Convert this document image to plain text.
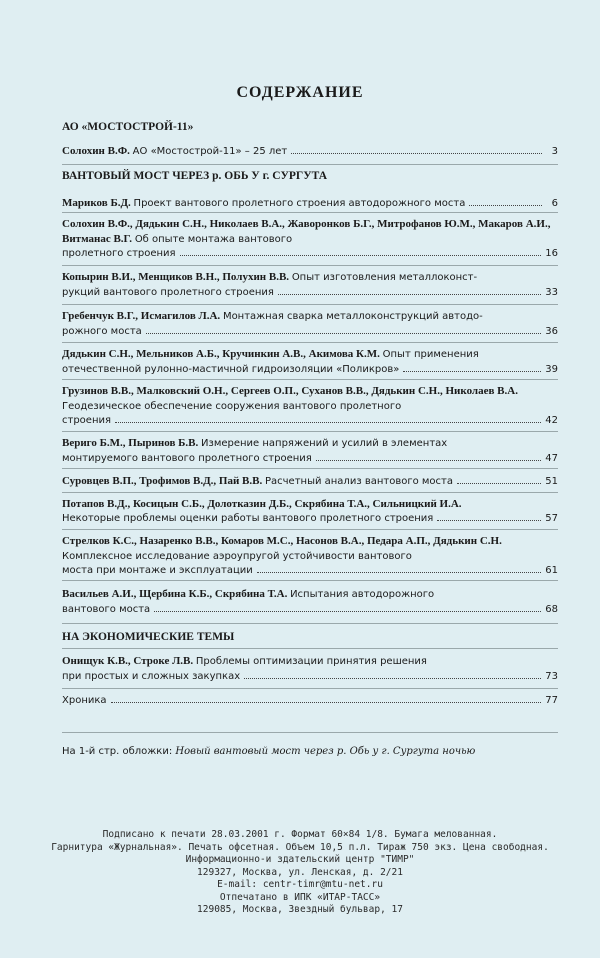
СОДЕРЖАНИЕ
АО «МОСТОСТРОЙ-11»
Солохин В.Ф. АО «Мостострой-11» – 25 лет	3
ВАНТОВЫЙ МОСТ ЧЕРЕЗ р. ОБЬ У г. СУРГУТА
Мариков Б.Д. Проект вантового пролетного строения автодорожного моста	6
Солохин В.Ф., Дядькин С.Н., Николаев В.А., Жаворонков Б.Г., Митрофанов Ю.М., Макаров А.И., Витманас В.Г. Об опыте монтажа вантового
пролетного строения	16
Копырин В.И., Менщиков В.Н., Полухин В.В. Опыт изготовления металлоконст-
рукций вантового пролетного строения	33
Гребенчук В.Г., Исмагилов Л.А. Монтажная сварка металлоконструкций автодо-
рожного моста	36
Дядькин С.Н., Мельников А.Б., Кручинкин А.В., Акимова К.М. Опыт применения
отечественной рулонно-мастичной гидроизоляции «Поликров»	39
Грузинов В.В., Малковский О.Н., Сергеев О.П., Суханов В.В., Дядькин С.Н., Николаев В.А. Геодезическое обеспечение сооружения вантового пролетного
строения	42
Вериго Б.М., Пыринов Б.В. Измерение напряжений и усилий в элементах
монтируемого вантового пролетного строения	47
Суровцев В.П., Трофимов В.Д., Пай В.В. Расчетный анализ вантового моста	51
Потапов В.Д., Косицын С.Б., Долотказин Д.Б., Скрябина Т.А., Сильницкий И.А.
Некоторые проблемы оценки работы вантового пролетного строения	57
Стрелков К.С., Назаренко В.В., Комаров М.С., Насонов В.А., Педара А.П., Дядькин С.Н. Комплексное исследование аэроупругой устойчивости вантового
моста при монтаже и эксплуатации	61
Васильев А.И., Щербина К.Б., Скрябина Т.А. Испытания автодорожного
вантового моста	68
НА ЭКОНОМИЧЕСКИЕ ТЕМЫ
Онищук К.В., Строке Л.В. Проблемы оптимизации принятия решения
при простых и сложных закупках	73
Хроника	77
На 1-й стр. обложки: Новый вантовый мост через р. Обь у г. Сургута ночью
Подписано к печати 28.03.2001 г. Формат 60×84 1/8. Бумага мелованная.
Гарнитура «Журнальная». Печать офсетная. Объем 10,5 п.л. Тираж 750 экз. Цена свободная.
Информационно-и здательский центр "ТИМР"
129327, Москва, ул. Ленская, д. 2/21
E-mail: centr-timr@mtu-net.ru
Отпечатано в ИПК «ИТАР-ТАСС»
129085, Москва, Звездный бульвар, 17
